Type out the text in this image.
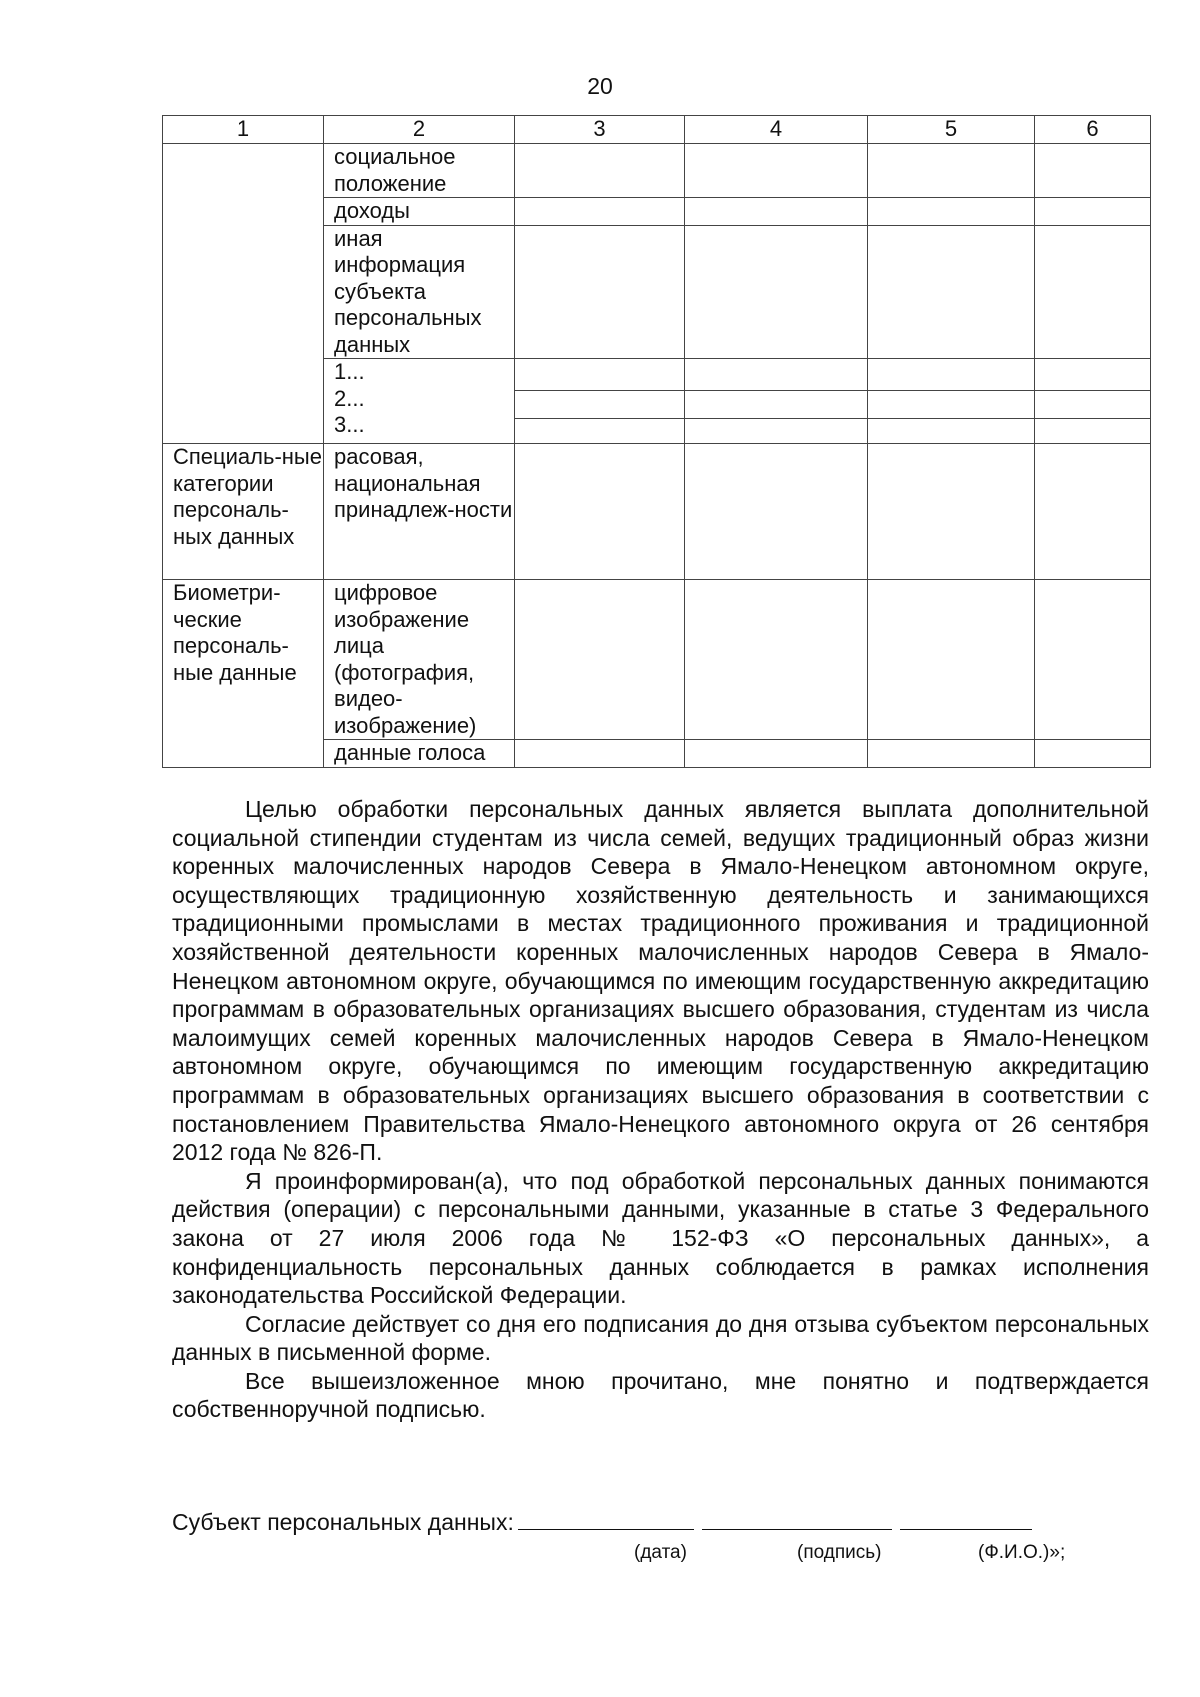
20
1	2	3	4	5	6
	социальное положение				
	доходы				
	иная информация субъекта персональных данных				

	1...
2...
3...				

Специаль-ные категории персональ-ных данных	расовая, национальная принадлеж-ности				
Биометри-ческие персональ-ные данные	цифровое изображение лица (фотография, видео-изображение)				
	данные голоса				

Целью обработки персональных данных является выплата дополнительной социальной стипендии студентам из числа семей, ведущих традиционный образ жизни коренных малочисленных народов Севера в Ямало-Ненецком автономном округе, осуществляющих традиционную хозяйственную деятельность и занимающихся традиционными промыслами в местах традиционного проживания и традиционной хозяйственной деятельности коренных малочисленных народов Севера в Ямало-Ненецком автономном округе, обучающимся по имеющим государственную аккредитацию программам в образовательных организациях высшего образования, студентам из числа малоимущих семей коренных малочисленных народов Севера в Ямало-Ненецком автономном округе, обучающимся по имеющим государственную аккредитацию программам в образовательных организациях высшего образования в соответствии с постановлением Правительства Ямало-Ненецкого автономного округа от 26 сентября 2012 года № 826-П.

Я проинформирован(а), что под обработкой персональных данных понимаются действия (операции) с персональными данными, указанные в статье 3 Федерального закона от 27 июля 2006 года № 152-ФЗ «О персональных данных», а конфиденциальность персональных данных соблюдается в рамках исполнения законодательства Российской Федерации.

Согласие действует со дня его подписания до дня отзыва субъектом персональных данных в письменной форме.

Все вышеизложенное мною прочитано, мне понятно и подтверждается собственноручной подписью.

Субъект персональных данных:
(дата)	(подпись)	(Ф.И.О.)»;
